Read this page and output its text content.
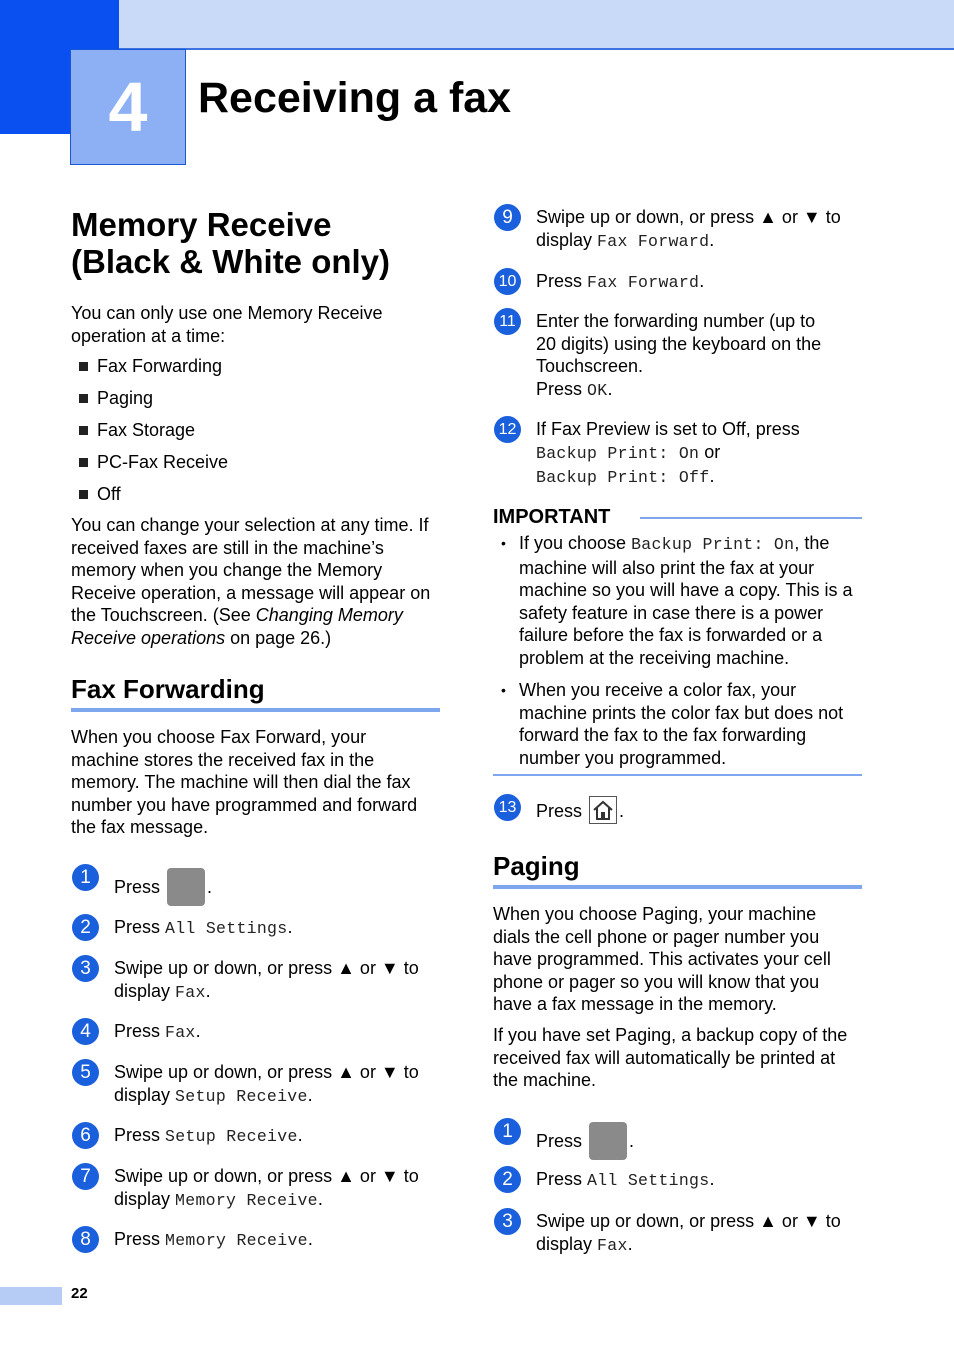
4 Receiving a fax
Memory Receive
(Black & White only)

You can only use one Memory Receive operation at a time:

Fax Forwarding
Paging
Fax Storage
PC-Fax Receive
Off

You can change your selection at any time. If received faxes are still in the machine’s memory when you change the Memory Receive operation, a message will appear on the Touchscreen. (See Changing Memory Receive operations on page 26.)

Fax Forwarding

When you choose Fax Forward, your machine stores the received fax in the memory. The machine will then dial the fax number you have programmed and forward the fax message.

1	Press	.
2	Press All Settings.
3	Swipe up or down, or press ▲ or ▼ to
display Fax.
4	Press Fax.
5	Swipe up or down, or press ▲ or ▼ to
display Setup Receive.
6	Press Setup Receive.
7	Swipe up or down, or press ▲ or ▼ to
display Memory Receive.
8	Press Memory Receive.
9	Swipe up or down, or press ▲ or ▼ to
display Fax Forward.
10 Press Fax Forward.
11 Enter the forwarding number (up to
20 digits) using the keyboard on the
Touchscreen.
Press OK.
12 If Fax Preview is set to Off, press
Backup Print: On or
Backup Print: Off.
IMPORTANT
• If you choose Backup Print: On, the machine will also print the fax at your machine so you will have a copy. This is a safety feature in case there is a power failure before the fax is forwarded or a problem at the receiving machine.
• When you receive a color fax, your machine prints the color fax but does not forward the fax to the fax forwarding number you programmed.
13 Press .
Paging

When you choose Paging, your machine dials the cell phone or pager number you have programmed. This activates your cell phone or pager so you will know that you have a fax message in the memory.

If you have set Paging, a backup copy of the received fax will automatically be printed at the machine.

1	Press	.
2	Press All Settings.
3	Swipe up or down, or press ▲ or ▼ to
display Fax.
22
